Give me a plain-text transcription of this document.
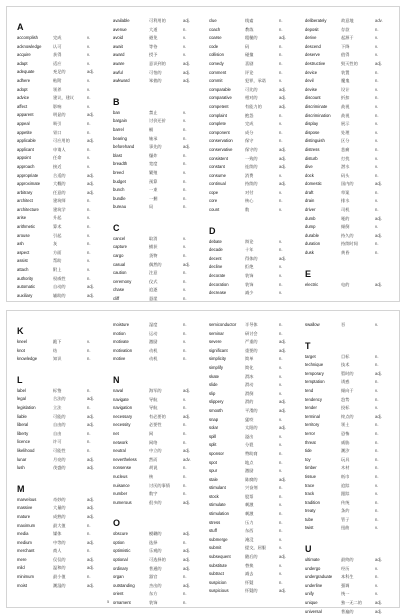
A
accomplish	完成	v.
acknowledge	认可	v.
acquire	获得	v.
adapt	适应	v.
adequate	充足的	adj.
adhere	粘附	v.
adopt	领养	v.
advice	建议，建议	n.
affect	影响	v.
apparent	明显的	adj.
appeal	吸引	n.
appetite	胃口	n.
applicable	可应用的	adj.
applicant	申请人	n.
appoint	任命	v.
approach	接近	v.
appropriate	合适的	adj.
approximate	大概的	adj.
arbitrary	任意的	adj.
architect	建筑师	n.
architecture	建筑学	n.
arise	升起	v.
arithmetic	算术	n.
arouse	引起	v.
ash	灰	n.
aspect	方面	n.
assist	帮助	v.
attach	附上	v.
authority	权威性	n.
automatic	自动的	adj.
auxiliary	辅助的	adj.
available	可利用的	adj.
avenue	大道	n.
avoid	避免	v.
await	等待	v.
award	授予	v.
aware	意识到的	adj.
awful	可怕的	adj.
awkward	笨拙的	adj.
B
ban	禁止	v.
bargain	讨价还价	v.
barrel	桶	n.
bearing	轴承	n.
beforehand	事先的	adj.
blast	爆炸	n.
breadth	宽度	n.
breed	繁殖	v.
budget	预算	n.
bunch	一束	n.
bundle	一捆	n.
bureau	局	n.
C
cancel	取消	v.
capture	捕获	v.
cargo	货物	n.
casual	偶然的	adj.
caution	注意	n.
ceremony	仪式	n.
chase	追逐	v.
cliff	悬崖	n.
clue	线索	n.
coach	教练	n.
coarse	粗糙的	adj.
code	码	n.
collision	碰撞	n.
comedy	喜剧	n.
comment	评论	n.
commit	犯罪，承诺	v.
comparable	可比的	adj.
comparative	相对的	adj.
competent	有能力的	adj.
complaint	抱怨	n.
complete	完成	v.
component	成分	n.
conservation	保守	n.
conservative	保守的	adj.
consistent	一致的	adj.
constant	连续的	adj.
consume	消费	v.
continual	持续的	adj.
cope	对付	v.
core	核心	n.
count	数	v.
D
debate	辩论	v.
decade	十年	n.
decent	得体的	adj.
decline	拒绝	v.
decorate	装饰	v.
decoration	装饰	n.
decrease	减少	v.
deliberately	故意地	adv.
deposit	存款	n.
derive	起源于	v.
descend	下降	v.
deserve	值得	v.
destructive	毁灭性的	adj.
device	装置	n.
devil	魔鬼	n.
devise	设计	v.
discount	折扣	n.
discriminate	歧视	v.
discrimination	歧视	n.
display	展示	v.
dispose	处理	v.
distinguish	区分	v.
distress	悲痛	n.
disturb	打扰	v.
dive	潜水	v.
dock	码头	n.
domestic	国内的	adj.
draft	草案	n.
drain	排水	v.
driver	司机	n.
dumb	哑的	adj.
dump	倾倒	v.
durable	持久的	adj.
duration	持续时间	n.
dusk	黄昏	n.
E
electric	电的	adj.
K
kneel	跪下	v.
knot	结	n.
knowledge	知识	n.
L
label	标签	n.
legal	合法的	adj.
legislation	立法	n.
liable	可能的	adj.
liberal	自由的	adj.
liberty	自由	n.
licence	许可	n.
likelihood	可能性	n.
lunar	月亮的	adj.
lush	茂盛的	adj.
M
marvelous	奇妙的	adj.
massive	大量的	adj.
mature	成熟的	adj.
maximum	最大值	n.
media	媒体	n.
medium	中等的	adj.
merchant	商人	n.
mere	仅仅的	adj.
mild	温和的	adj.
minimum	最小值	n.
moist	潮湿的	adj.
moisture	湿度	n.
motion	运动	n.
motivate	激励	v.
motivation	动机	n.
motive	动机	n.
N
naval	海军的	adj.
navigate	导航	v.
navigation	导航	n.
necessary	有必要的	adj.
necessity	必要性	n.
net	网	n.
network	网络	n.
neutral	中立的	adj.
nevertheless	然而	adv.
nonsense	胡说	n.
nucleus	核	n.
nuisance	讨厌的事情	n.
number	数字	n.
numerous	很多的	adj.
O
obscure	模糊的	adj.
option	选择	n.
optimistic	乐观的	adj.
optional	可选择的	adj.
ordinary	普通的	adj.
organ	器官	n.
outstanding	杰出的	adj.
orient	东方	n.
ornament	装饰	n.
semiconductor	半导体	n.
seminar	研讨会	n.
severe	严重的	adj.
significant	重要的	adj.
simplicity	简单	n.
simplify	简化	v.
skate	滑冰	v.
slide	滑动	v.
slip	滑倒	v.
slippery	滑的	adj.
smooth	平滑的	adj.
snap	猛咬	v.
solar	太阳的	adj.
spill	溢出	v.
split	分裂	v.
sponsor	赞助商	n.
spot	地点	n.
spur	激励	v.
stale	陈腐的	adj.
stimulant	兴奋剂	n.
stock	股票	n.
stimulate	刺激	v.
stimulation	刺激	n.
stress	压力	n.
stuff	东西	n.
submerge	淹没	v.
submit	提交，屈服	v.
subsequent	随后的	adj.
substitute	替换	v.
subtract	减去	v.
suspicion	怀疑	n.
suspicious	怀疑的	adj.
swallow	吞	v.
T
target	目标	n.
technique	技术	n.
temporary	暂时的	adj.
temptation	诱惑	n.
tend	倾向于	v.
tendency	趋势	n.
tender	投标	v.
terminal	终点的	adj.
territory	领土	n.
terror	恐怖	n.
threat	威胁	n.
tide	潮汐	n.
toy	玩具	n.
timber	木材	n.
tissue	纸巾	n.
trace	追踪	v.
track	跟踪	v.
tradition	传统	n.
treaty	条约	n.
tube	管子	n.
twist	扭曲	v.
U
ultimate	最终的	adj.
undergo	经历	v.
undergraduate	本科生	n.
underline	强调	v.
unify	统一	v.
unique	独一无二的	adj.
universal	普遍的	adj.
5
